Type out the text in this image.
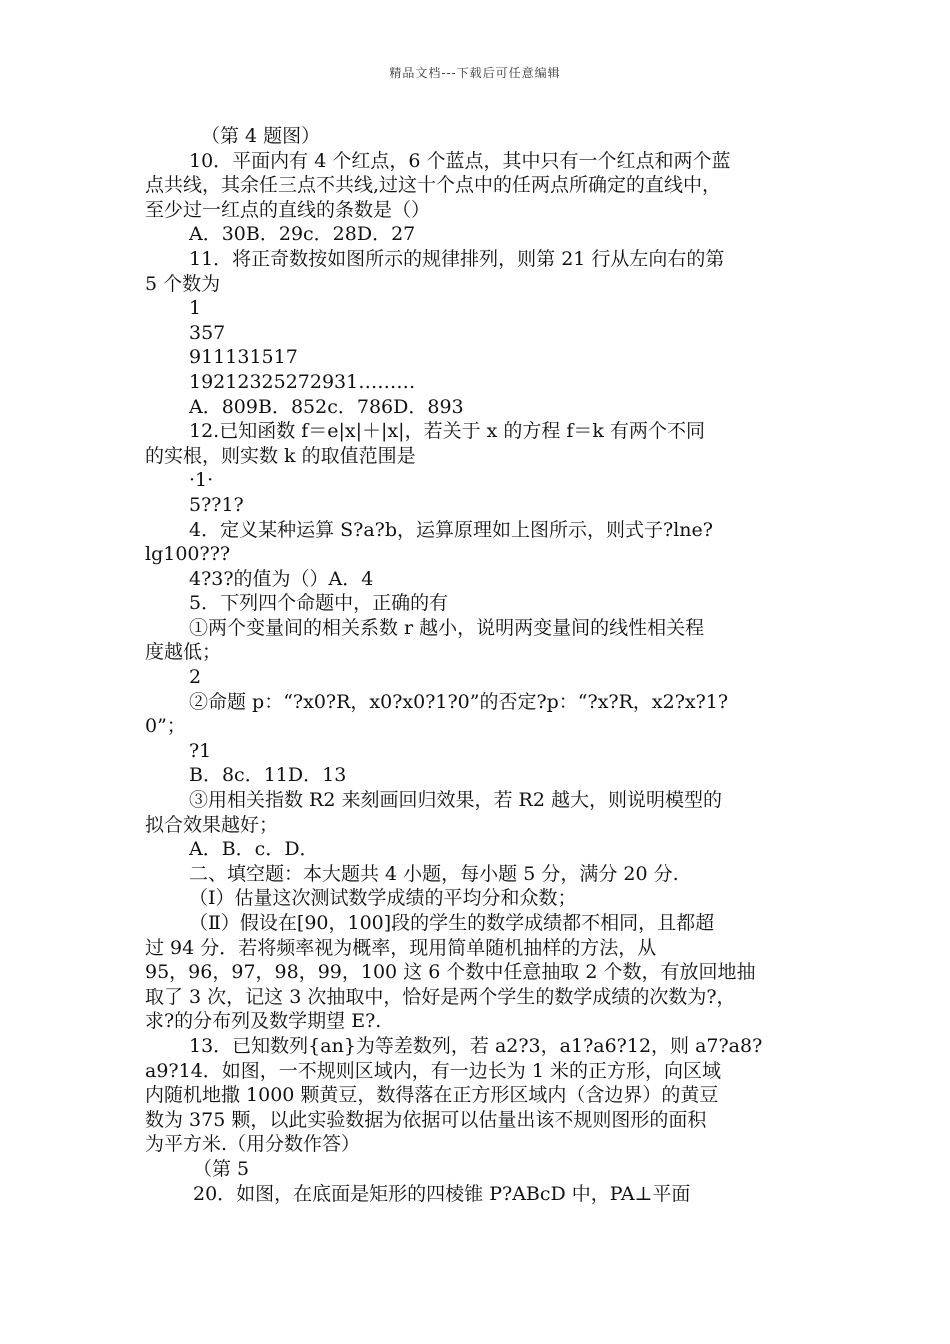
精品文档---下载后可任意编辑
（第 4 题图）
10．平面内有 4 个红点，6 个蓝点，其中只有一个红点和两个蓝
点共线，其余任三点不共线,过这十个点中的任两点所确定的直线中，
至少过一红点的直线的条数是（）
A．30B．29c．28D．27
11．将正奇数按如图所示的规律排列，则第 21 行从左向右的第
5 个数为
1
357
911131517
19212325272931………
A．809B．852c．786D．893
12.已知函数 f＝e|x|＋|x|，若关于 x 的方程 f＝k 有两个不同
的实根，则实数 k 的取值范围是
·1·
5??1?
4．定义某种运算 S?a?b，运算原理如上图所示，则式子?lne?
lg100???
4?3?的值为（）A．4
5．下列四个命题中，正确的有
①两个变量间的相关系数 r 越小，说明两变量间的线性相关程
度越低；
2
②命题 p：“?x0?R，x0?x0?1?0”的否定?p：“?x?R，x2?x?1?
0”；
?1
B．8c．11D．13
③用相关指数 R2 来刻画回归效果，若 R2 越大，则说明模型的
拟合效果越好；
A．B．c．D．
二、填空题：本大题共 4 小题，每小题 5 分，满分 20 分.
（Ⅰ）估量这次测试数学成绩的平均分和众数；
（Ⅱ）假设在[90，100]段的学生的数学成绩都不相同，且都超
过 94 分．若将频率视为概率，现用简单随机抽样的方法，从
95，96，97，98，99，100 这 6 个数中任意抽取 2 个数，有放回地抽
取了 3 次，记这 3 次抽取中，恰好是两个学生的数学成绩的次数为?，
求?的分布列及数学期望 E?.
13．已知数列{an}为等差数列，若 a2?3，a1?a6?12，则 a7?a8?
a9?14．如图，一不规则区域内，有一边长为 1 米的正方形，向区域
内随机地撒 1000 颗黄豆，数得落在正方形区域内（含边界）的黄豆
数为 375 颗，以此实验数据为依据可以估量出该不规则图形的面积
为平方米.（用分数作答）
（第 5
20．如图，在底面是矩形的四棱锥 P?ABcD 中，PA⊥平面
